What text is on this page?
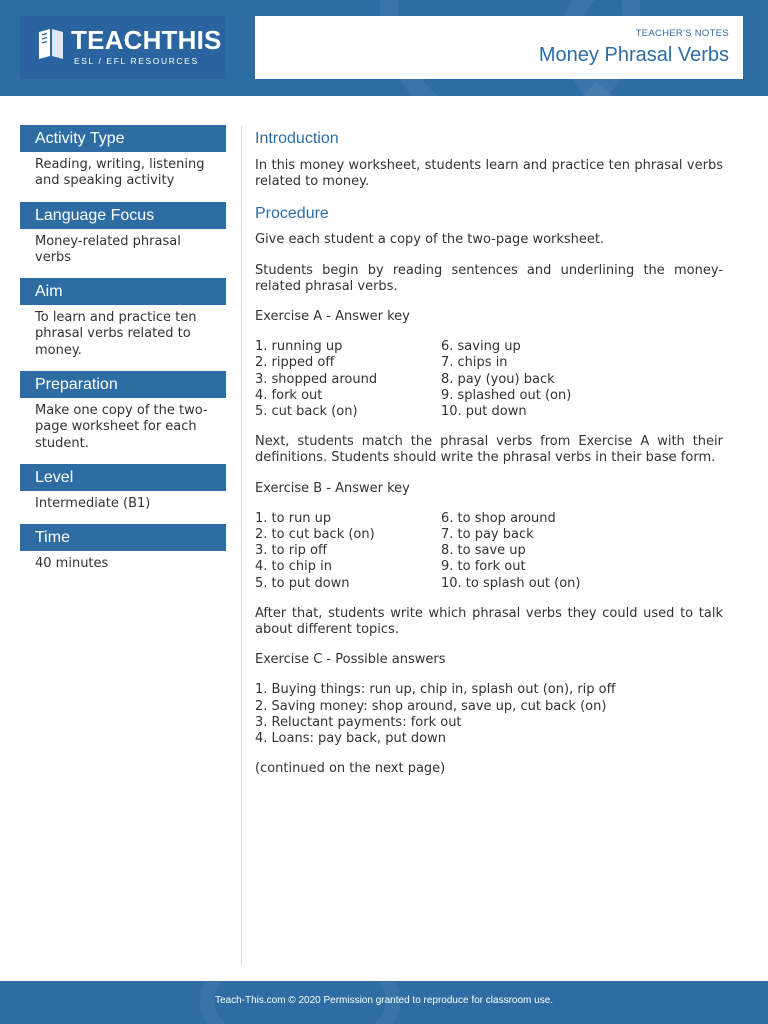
TEACHTHIS
ESL / EFL RESOURCES
TEACHER'S NOTES
Money Phrasal Verbs
Activity Type
Reading, writing, listening and speaking activity
Language Focus
Money-related phrasal verbs
Aim
To learn and practice ten phrasal verbs related to money.
Preparation
Make one copy of the two-page worksheet for each student.
Level
Intermediate (B1)
Time
40 minutes
Introduction

In this money worksheet, students learn and practice ten phrasal verbs related to money.

Procedure

Give each student a copy of the two-page worksheet.

Students begin by reading sentences and underlining the money-related phrasal verbs.

Exercise A - Answer key

1. running up	6. saving up
2. ripped off	7. chips in
3. shopped around	8. pay (you) back
4. fork out	9. splashed out (on)
5. cut back (on)	10. put down

Next, students match the phrasal verbs from Exercise A with their definitions. Students should write the phrasal verbs in their base form.

Exercise B - Answer key

1. to run up	6. to shop around
2. to cut back (on)	7. to pay back
3. to rip off	8. to save up
4. to chip in	9. to fork out
5. to put down	10. to splash out (on)

After that, students write which phrasal verbs they could used to talk about different topics.

Exercise C - Possible answers

1. Buying things: run up, chip in, splash out (on), rip off
2. Saving money: shop around, save up, cut back (on)
3. Reluctant payments: fork out
4. Loans: pay back, put down

(continued on the next page)

Teach-This.com © 2020 Permission granted to reproduce for classroom use.
